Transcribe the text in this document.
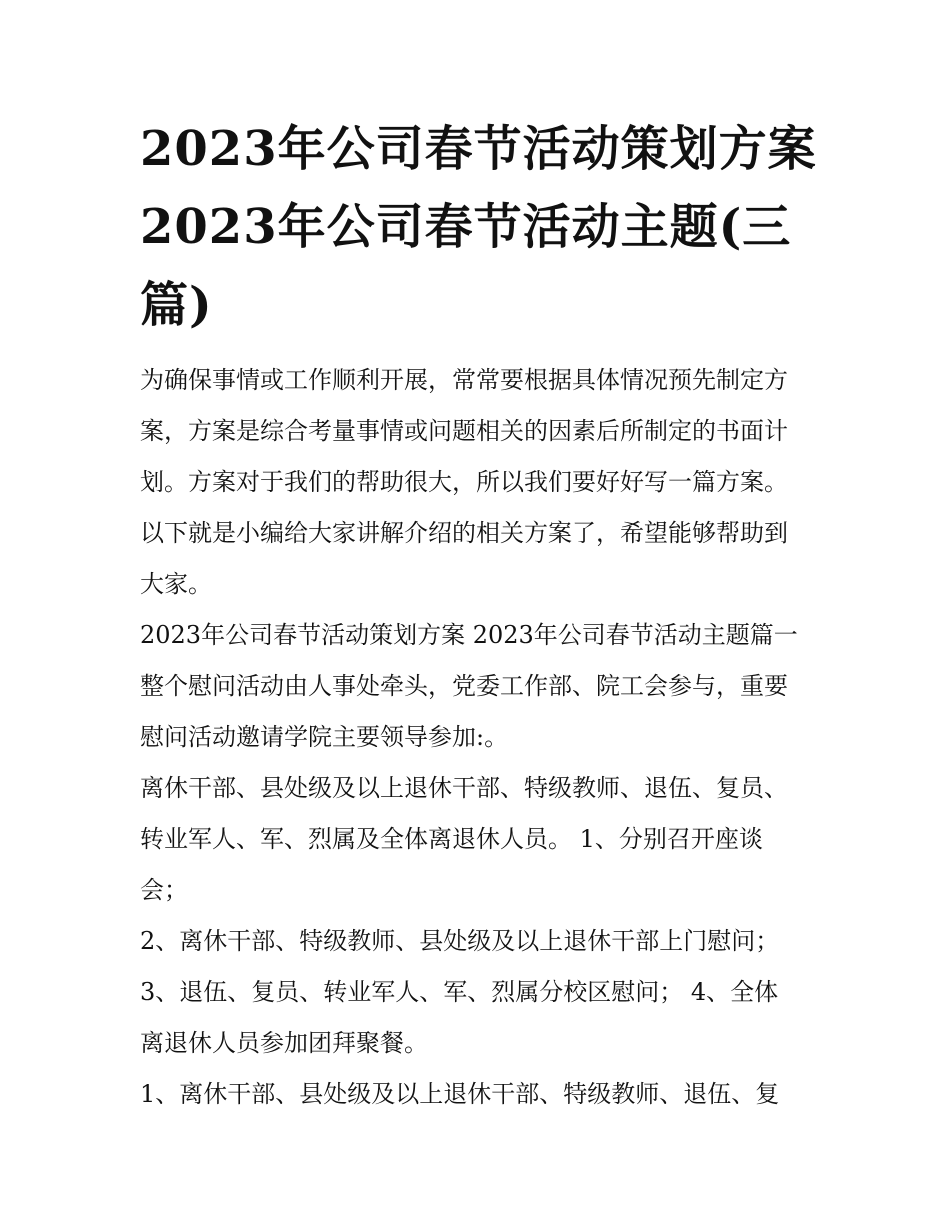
2023年公司春节活动策划方案
2023年公司春节活动主题(三
篇)
为确保事情或工作顺利开展，常常要根据具体情况预先制定方
案，方案是综合考量事情或问题相关的因素后所制定的书面计
划。方案对于我们的帮助很大，所以我们要好好写一篇方案。
以下就是小编给大家讲解介绍的相关方案了，希望能够帮助到
大家。
2023年公司春节活动策划方案 2023年公司春节活动主题篇一
整个慰问活动由人事处牵头，党委工作部、院工会参与，重要
慰问活动邀请学院主要领导参加:。
离休干部、县处级及以上退休干部、特级教师、退伍、复员、
转业军人、军、烈属及全体离退休人员。 1、分别召开座谈
会；
2、离休干部、特级教师、县处级及以上退休干部上门慰问；
3、退伍、复员、转业军人、军、烈属分校区慰问； 4、全体
离退休人员参加团拜聚餐。
1、离休干部、县处级及以上退休干部、特级教师、退伍、复
